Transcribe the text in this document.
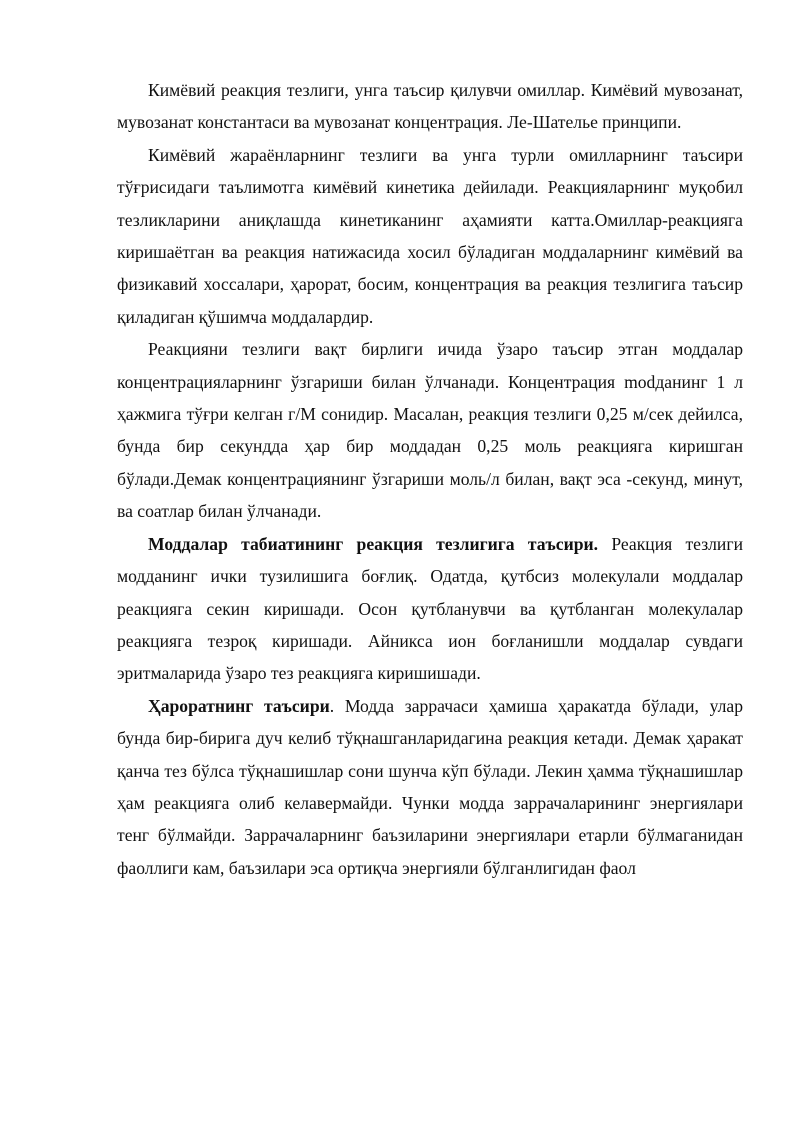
Кимёвий реакция тезлиги, унга таъсир қилувчи омиллар. Кимёвий мувозанат, мувозанат константаси ва мувозанат концентрация. Ле-Шателье принципи.

Кимёвий жараёнларнинг тезлиги ва унга турли омилларнинг таъсири тўғрисидаги таълимотга кимёвий кинетика дейилади. Реакцияларнинг муқобил тезликларини аниқлашда кинетиканинг аҳамияти катта.Омиллар-реакцияга киришаётган ва реакция натижасида хосил бўладиган моддаларнинг кимёвий ва физикавий хоссалари, ҳарорат, босим, концентрация ва реакция тезлигига таъсир қиладиган қўшимча моддалардир.

Реакцияни тезлиги вақт бирлиги ичида ўзаро таъсир этган моддалар концентрацияларнинг ўзгариши билан ўлчанади. Концентрация modданинг 1 л ҳажмига тўғри келган г/М сонидир. Масалан, реакция тезлиги 0,25 м/сек дейилса, бунда бир секундда ҳар бир моддадан 0,25 моль реакцияга киришган бўлади.Демак концентрациянинг ўзгариши моль/л билан, вақт эса -секунд, минут, ва соатлар билан ўлчанади.

Моддалар табиатининг реакция тезлигига таъсири. Реакция тезлиги модданинг ички тузилишига боғлиқ. Одатда, қутбсиз молекулали моддалар реакцияга секин киришади. Осон қутбланувчи ва қутбланган молекулалар реакцияга тезроқ киришади. Айникса ион боғланишли моддалар сувдаги эритмаларида ўзаро тез реакцияга киришишади.

Ҳароратнинг таъсири. Модда заррачаси ҳамиша ҳаракатда бўлади, улар бунда бир-бирига дуч келиб тўқнашганларидагина реакция кетади. Демак ҳаракат қанча тез бўлса тўқнашишлар сони шунча кўп бўлади. Лекин ҳамма тўқнашишлар ҳам реакцияга олиб келавермайди. Чунки модда заррачаларининг энергиялари тенг бўлмайди. Заррачаларнинг баъзиларини энергиялари етарли бўлмаганидан фаоллиги кам, баъзилари эса ортиқча энергияли бўлганлигидан фаол
